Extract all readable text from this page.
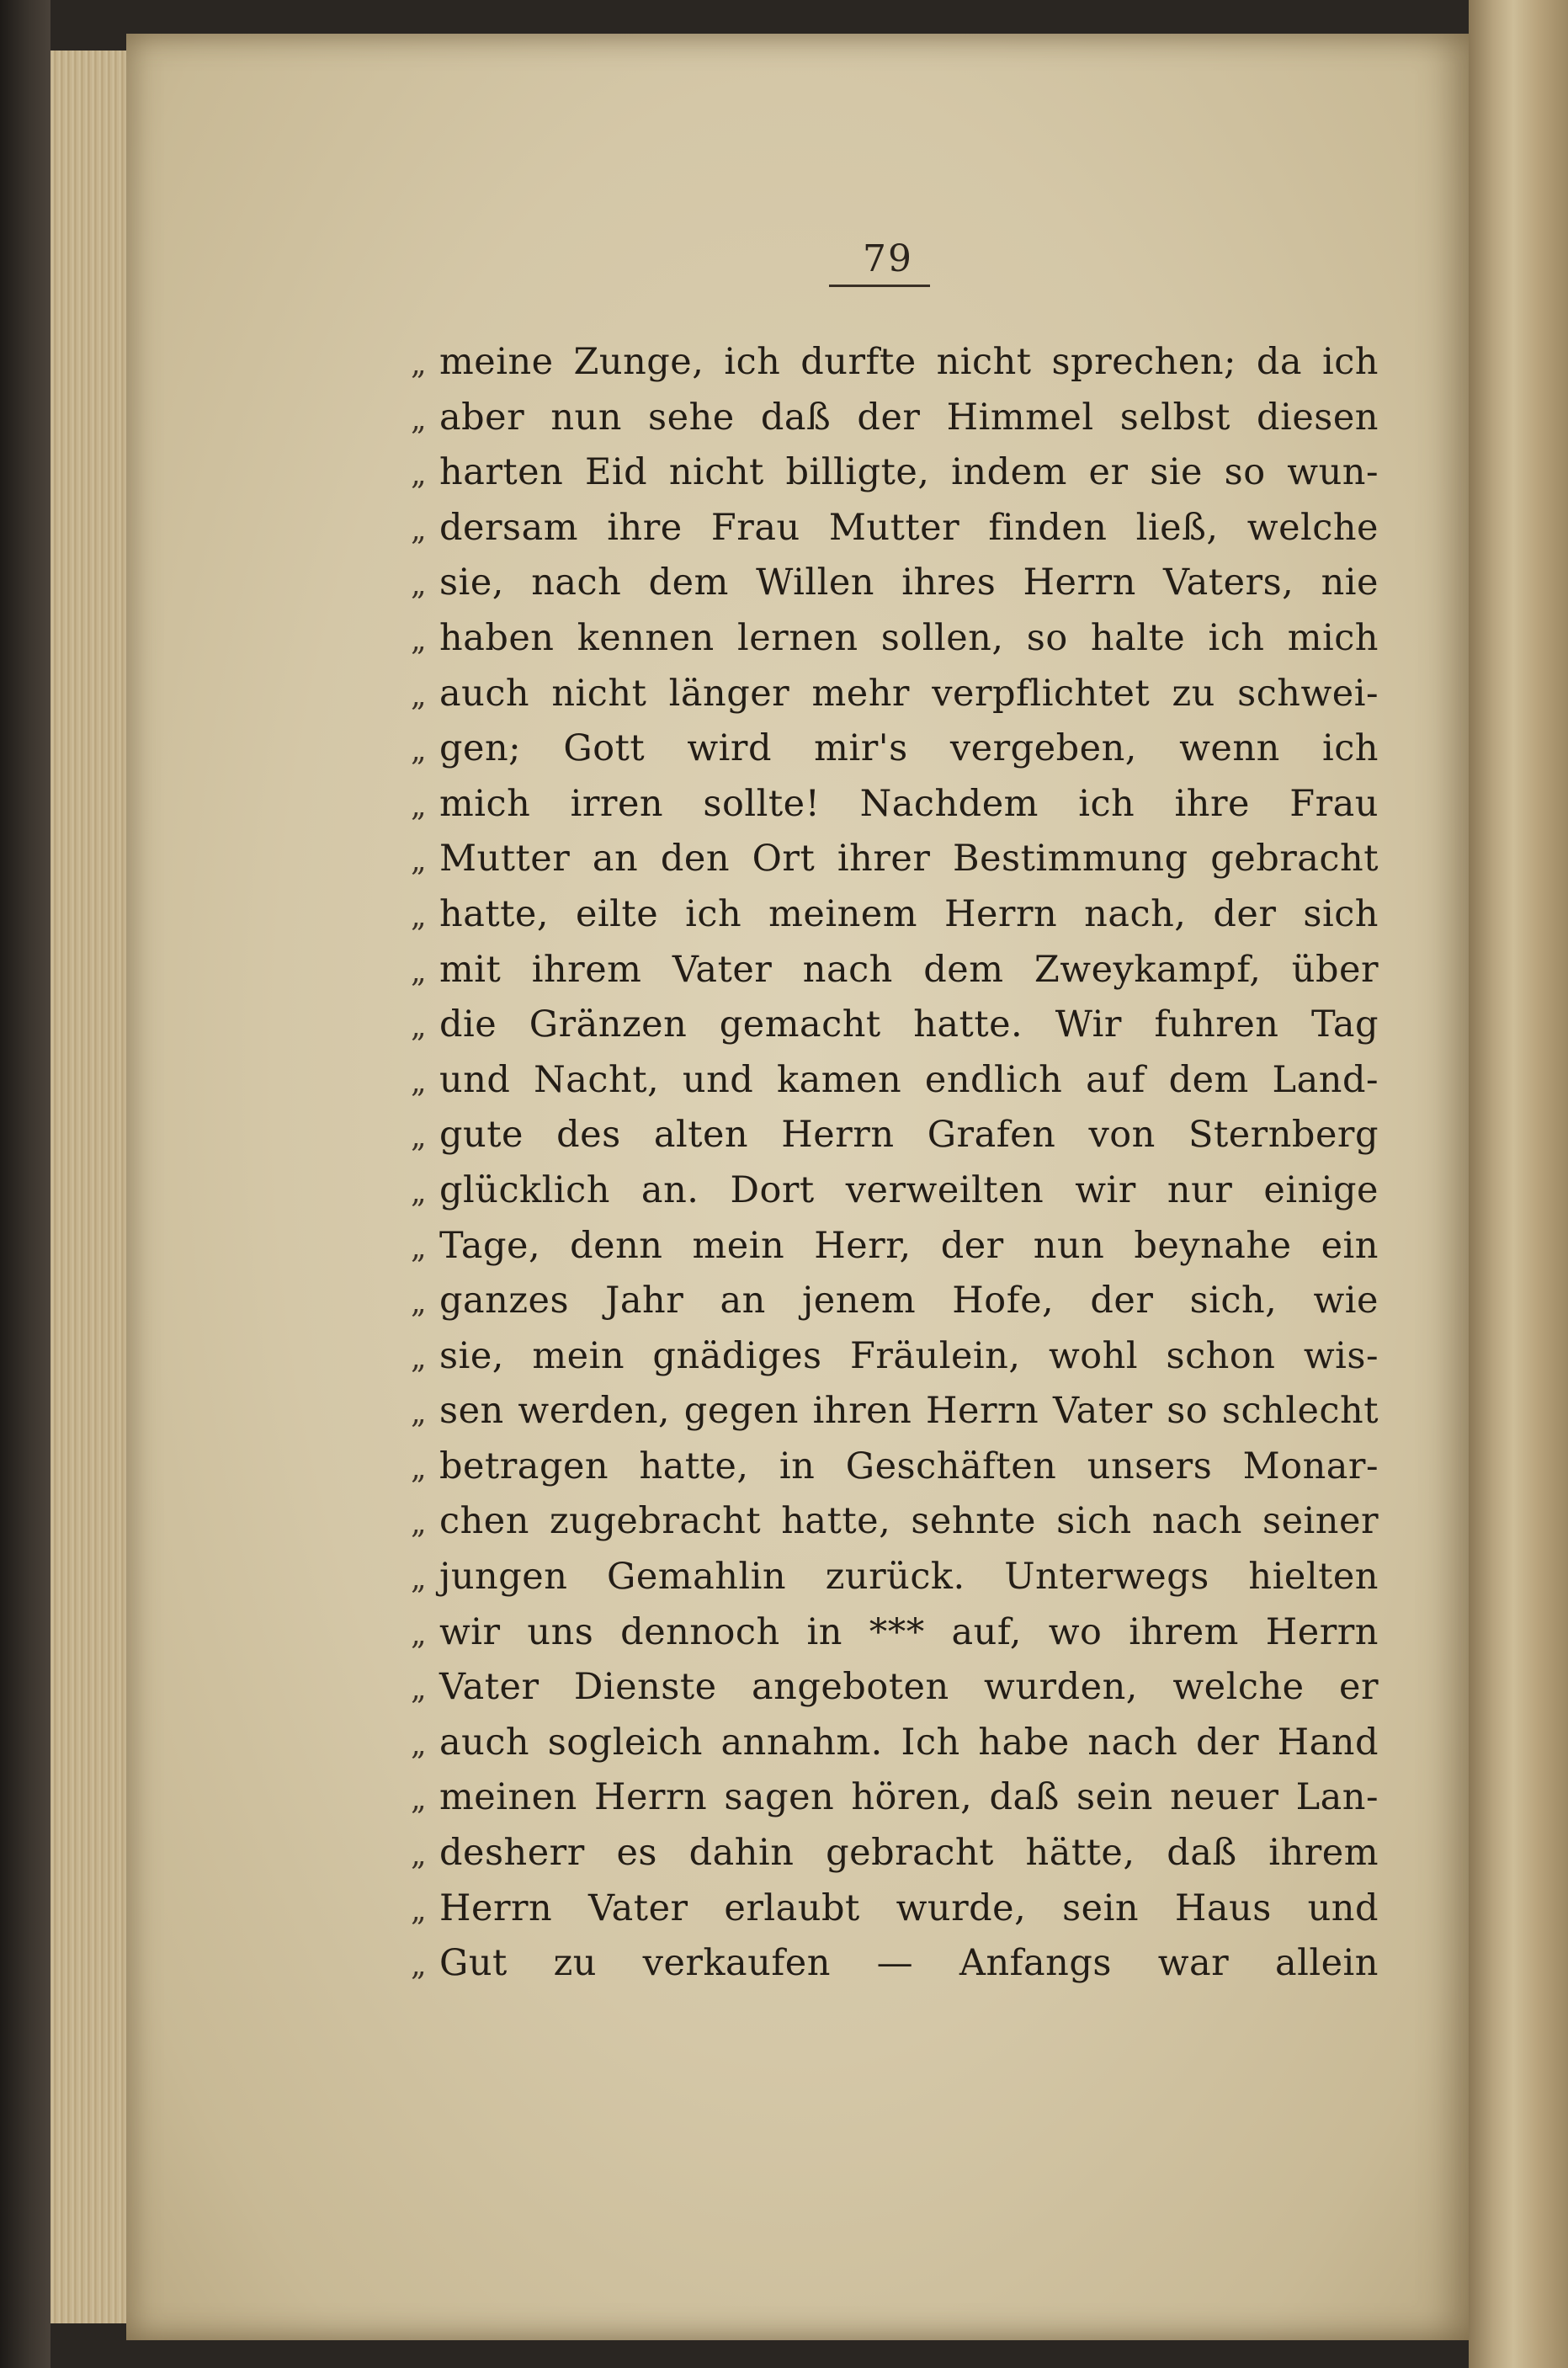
79
„ meine Zunge, ich durfte nicht sprechen; da ich
„ aber nun sehe daß der Himmel selbst diesen
„ harten Eid nicht billigte, indem er sie so wun-
„ dersam ihre Frau Mutter finden ließ, welche
„ sie, nach dem Willen ihres Herrn Vaters, nie
„ haben kennen lernen sollen, so halte ich mich
„ auch nicht länger mehr verpflichtet zu schwei-
„ gen; Gott wird mir's vergeben, wenn ich
„ mich irren sollte! Nachdem ich ihre Frau
„ Mutter an den Ort ihrer Bestimmung gebracht
„ hatte, eilte ich meinem Herrn nach, der sich
„ mit ihrem Vater nach dem Zweykampf, über
„ die Gränzen gemacht hatte. Wir fuhren Tag
„ und Nacht, und kamen endlich auf dem Land-
„ gute des alten Herrn Grafen von Sternberg
„ glücklich an. Dort verweilten wir nur einige
„ Tage, denn mein Herr, der nun beynahe ein
„ ganzes Jahr an jenem Hofe, der sich, wie
„ sie, mein gnädiges Fräulein, wohl schon wis-
„ sen werden, gegen ihren Herrn Vater so schlecht
„ betragen hatte, in Geschäften unsers Monar-
„ chen zugebracht hatte, sehnte sich nach seiner
„ jungen Gemahlin zurück. Unterwegs hielten
„ wir uns dennoch in *** auf, wo ihrem Herrn
„ Vater Dienste angeboten wurden, welche er
„ auch sogleich annahm. Ich habe nach der Hand
„ meinen Herrn sagen hören, daß sein neuer Lan-
„ desherr es dahin gebracht hätte, daß ihrem
„ Herrn Vater erlaubt wurde, sein Haus und
„ Gut zu verkaufen — Anfangs war allein
